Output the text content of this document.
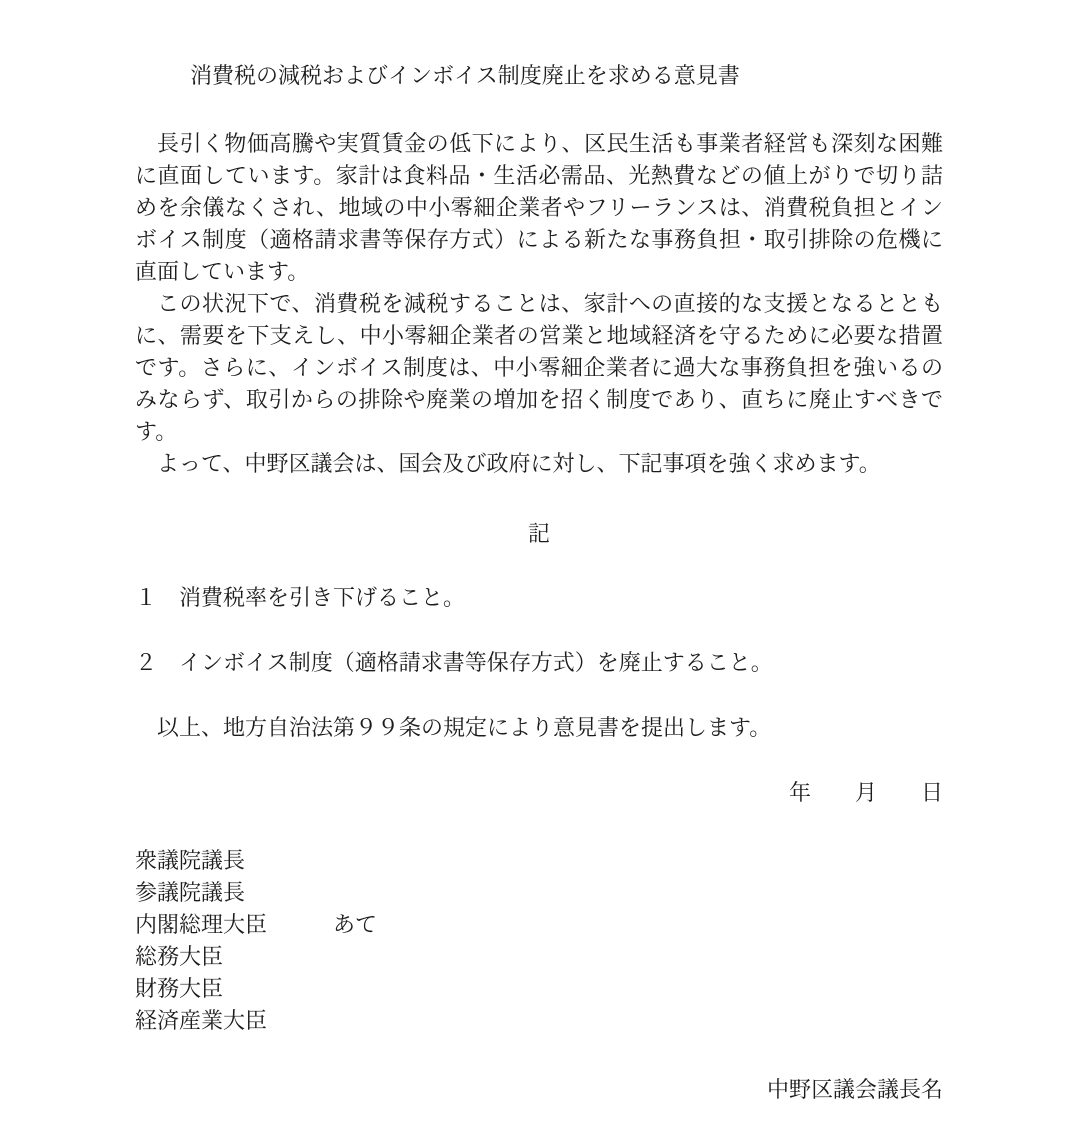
消費税の減税およびインボイス制度廃止を求める意見書

長引く物価高騰や実質賃金の低下により、区民生活も事業者経営も深刻な困難に直面しています。家計は食料品・生活必需品、光熱費などの値上がりで切り詰めを余儀なくされ、地域の中小零細企業者やフリーランスは、消費税負担とインボイス制度（適格請求書等保存方式）による新たな事務負担・取引排除の危機に直面しています。

この状況下で、消費税を減税することは、家計への直接的な支援となるとともに、需要を下支えし、中小零細企業者の営業と地域経済を守るために必要な措置です。さらに、インボイス制度は、中小零細企業者に過大な事務負担を強いるのみならず、取引からの排除や廃業の増加を招く制度であり、直ちに廃止すべきです。

よって、中野区議会は、国会及び政府に対し、下記事項を強く求めます。

記
１　消費税率を引き下げること。
２　インボイス制度（適格請求書等保存方式）を廃止すること。
以上、地方自治法第９９条の規定により意見書を提出します。
年　　月　　日
衆議院議長
参議院議長
内閣総理大臣	あて
総務大臣
財務大臣
経済産業大臣
中野区議会議長名
